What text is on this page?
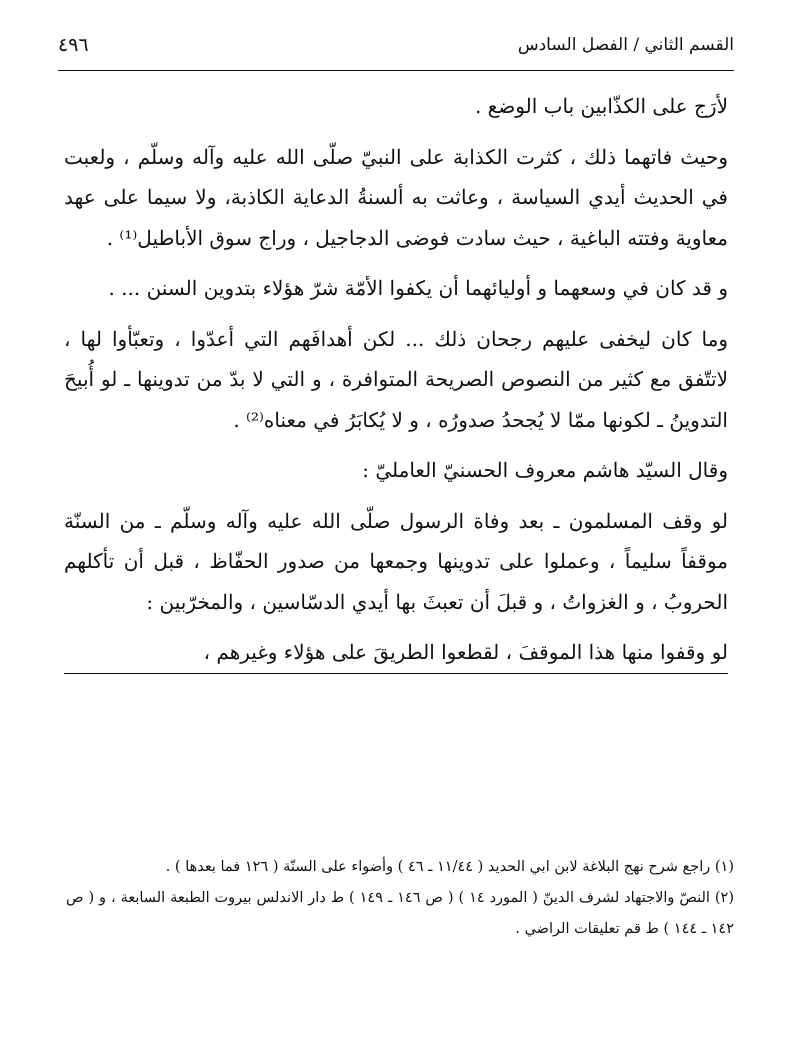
القسم الثاني / الفصل السادس
٤٩٦

لأرَج على الكذّابين باب الوضع .

وحيث فاتهما ذلك ، كثرت الكذابة على النبيّ صلّى الله عليه وآله وسلّم ، ولعبت في الحديث أيدي السياسة ، وعاثت به ألسنةُ الدعاية الكاذبة، ولا سيما على عهد معاوية وفتته الباغية ، حيث سادت فوضى الدجاجيل ، وراج سوق الأباطيل⁽¹⁾ .

و قد كان في وسعهما و أوليائهما أن يكفوا الأمّة شرّ هؤلاء بتدوين السنن ... .

وما كان ليخفى عليهم رجحان ذلك ... لكن أهدافَهم التي أعدّوا ، وتعبّأوا لها ، لاتتّفق مع كثير من النصوص الصريحة المتوافرة ، و التي لا بدّ من تدوينها ـ لو أُبيحَ التدوينُ ـ لكونها ممّا لا يُجحدُ صدورُه ، و لا يُكابَرُ في معناه⁽²⁾ .

وقال السيّد هاشم معروف الحسنيّ العامليّ :

لو وقف المسلمون ـ بعد وفاة الرسول صلّى الله عليه وآله وسلّم ـ من السنّة موقفاً سليماً ، وعملوا على تدوينها وجمعها من صدور الحفّاظ ، قبل أن تأكلهم الحروبُ ، و الغزواتُ ، و قبلَ أن تعبثَ بها أيدي الدسّاسين ، والمخرّبين :

لو وقفوا منها هذا الموقفَ ، لقطعوا الطريقَ على هؤلاء وغيرهم ،

(١) راجع شرح نهج البلاغة لابن ابي الحديد ( ١١/٤٤ ـ ٤٦ ) وأضواء على السنّة ( ١٢٦ فما بعدها ) .

(٢) النصّ والاجتهاد لشرف الدينّ ( المورد ١٤ ) ( ص ١٤٦ ـ ١٤٩ ) ط دار الاندلس بيروت الطبعة السابعة ، و ( ص ١٤٢ ـ ١٤٤ ) ط قم تعليقات الراضي .
